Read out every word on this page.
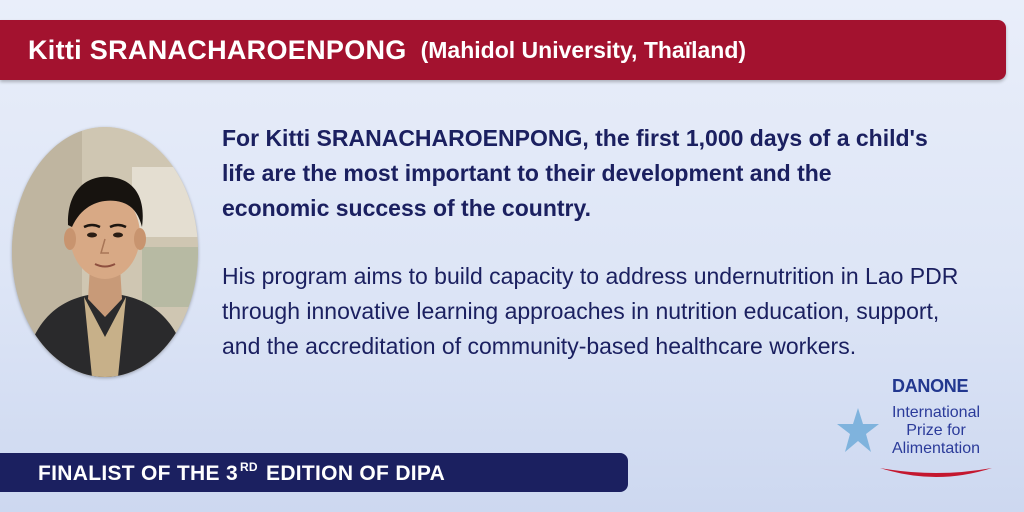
Kitti SRANACHAROENPONG (Mahidol University, Thaïland)
For Kitti SRANACHAROENPONG, the first 1,000 days of a child's life are the most important to their development and the economic success of the country.
His program aims to build capacity to address undernutrition in Lao PDR through innovative learning approaches in nutrition education, support, and the accreditation of community-based healthcare workers.
FINALIST OF THE 3 $^{RD}$ EDITION OF DIPA
DANONE
International
Prize for
Alimentation
